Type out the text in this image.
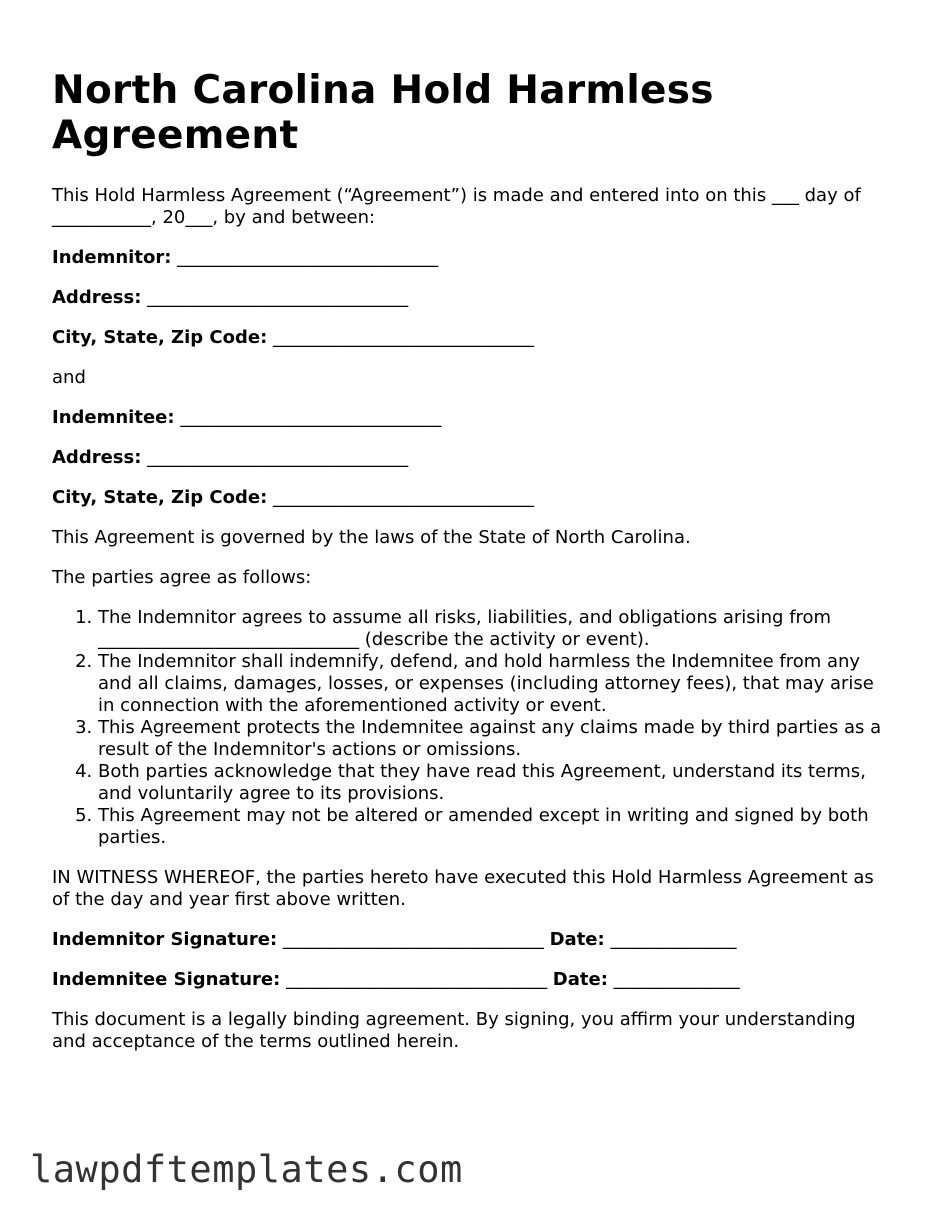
North Carolina Hold Harmless Agreement

This Hold Harmless Agreement (“Agreement”) is made and entered into on this ___ day of ___________, 20___, by and between:

Indemnitor: _____________________________

Address: _____________________________

City, State, Zip Code: _____________________________

and

Indemnitee: _____________________________

Address: _____________________________

City, State, Zip Code: _____________________________

This Agreement is governed by the laws of the State of North Carolina.

The parties agree as follows:

1. The Indemnitor agrees to assume all risks, liabilities, and obligations arising from _____________________________ (describe the activity or event).
2. The Indemnitor shall indemnify, defend, and hold harmless the Indemnitee from any and all claims, damages, losses, or expenses (including attorney fees), that may arise in connection with the aforementioned activity or event.
3. This Agreement protects the Indemnitee against any claims made by third parties as a result of the Indemnitor's actions or omissions.
4. Both parties acknowledge that they have read this Agreement, understand its terms, and voluntarily agree to its provisions.
5. This Agreement may not be altered or amended except in writing and signed by both parties.

IN WITNESS WHEREOF, the parties hereto have executed this Hold Harmless Agreement as of the day and year first above written.

Indemnitor Signature: _____________________________ Date: ______________

Indemnitee Signature: _____________________________ Date: ______________

This document is a legally binding agreement. By signing, you affirm your understanding and acceptance of the terms outlined herein.

lawpdftemplates.com
